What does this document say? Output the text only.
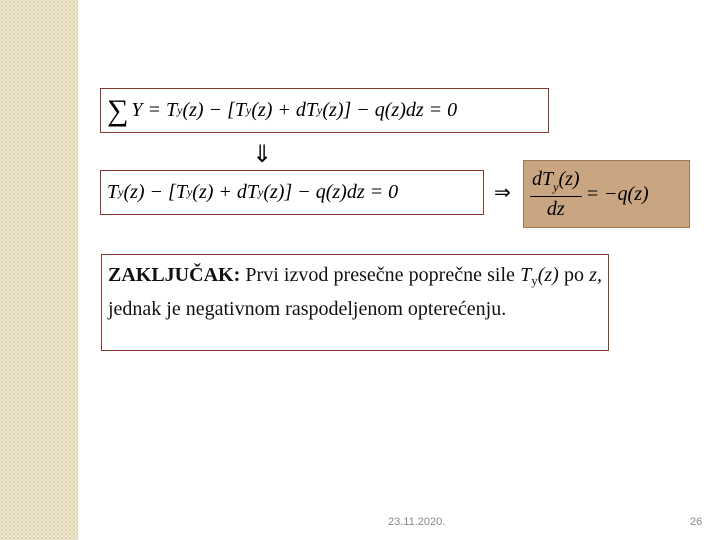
∑ Y = T y (z) − [T y (z) + dT y (z)] − q(z)dz = 0
⇓
T y (z) − [T y (z) + dT y (z)] − q(z)dz = 0	⇒ $\frac{dT_y(z)}{dz} = -q(z)$
ZAKLJUČAK: Prvi izvod presečne poprečne sile $T_y(z)$ po z, jednak je negativnom raspodeljenom opterećenju.
23.11.2020.	26
